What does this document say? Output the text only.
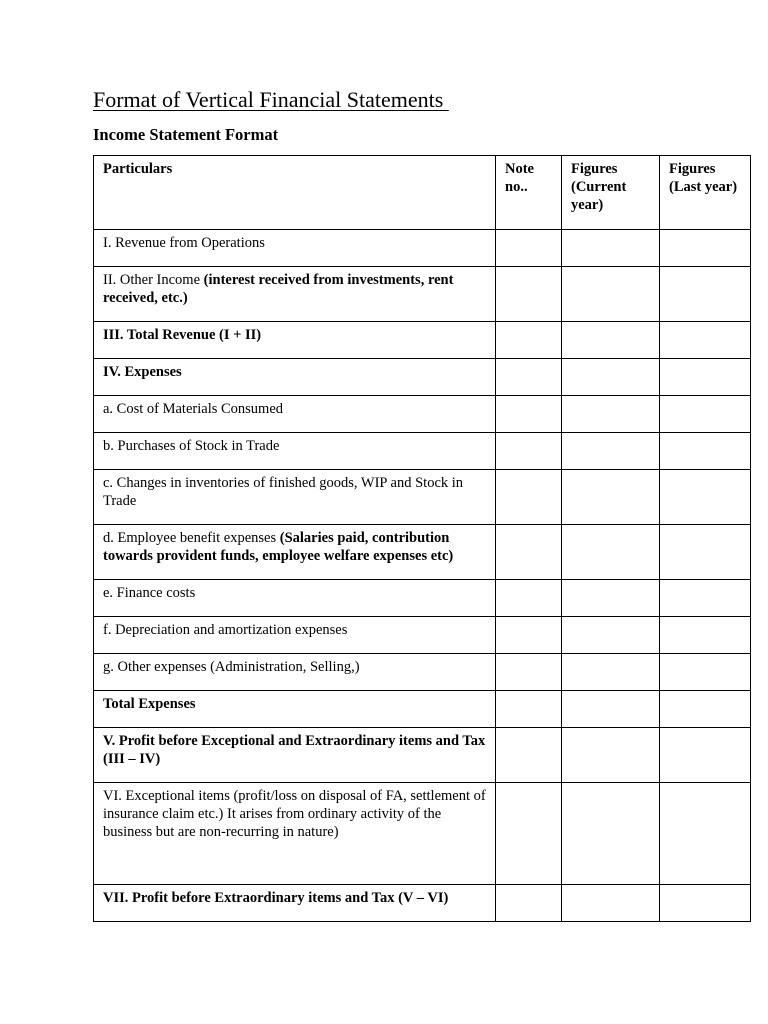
Format of Vertical Financial Statements
Income Statement Format
Particulars	Note no..	Figures (Current year)	Figures (Last year)
I. Revenue from Operations			
II. Other Income (interest received from investments, rent received, etc.)			
III. Total Revenue (I + II)			
IV. Expenses			
a. Cost of Materials Consumed			
b. Purchases of Stock in Trade			
c. Changes in inventories of finished goods, WIP and Stock in Trade			
d. Employee benefit expenses (Salaries paid, contribution towards provident funds, employee welfare expenses etc)			
e. Finance costs			
f. Depreciation and amortization expenses			
g. Other expenses (Administration, Selling,)			
Total Expenses			
V. Profit before Exceptional and Extraordinary items and Tax (III – IV)			
VI. Exceptional items (profit/loss on disposal of FA, settlement of insurance claim etc.) It arises from ordinary activity of the business but are non-recurring in nature)			
VII. Profit before Extraordinary items and Tax (V – VI)			
